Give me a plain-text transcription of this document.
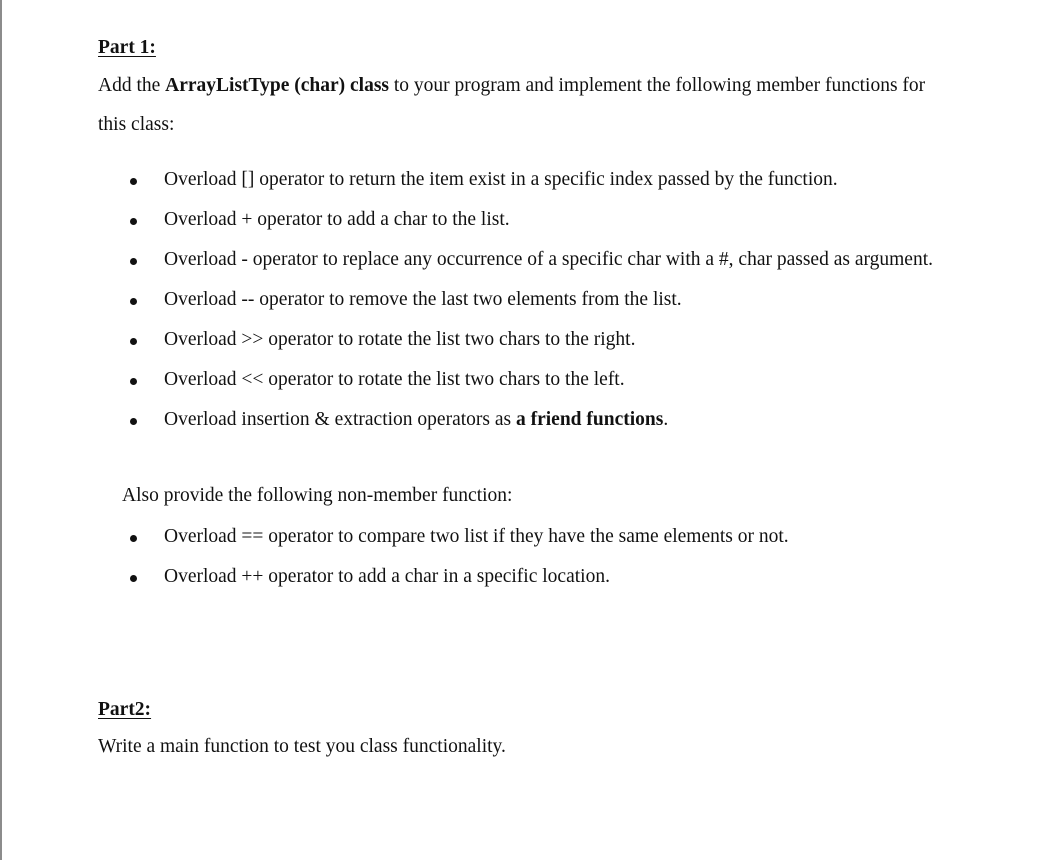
Part 1:
Add the ArrayListType (char) class to your program and implement the following member functions for
this class:
Overload [] operator to return the item exist in a specific index passed by the function.
Overload + operator to add a char to the list.
Overload - operator to replace any occurrence of a specific char with a #, char passed as argument.
Overload -- operator to remove the last two elements from the list.
Overload >> operator to rotate the list two chars to the right.
Overload << operator to rotate the list two chars to the left.
Overload insertion & extraction operators as a friend functions.
Also provide the following non-member function:
Overload == operator to compare two list if they have the same elements or not.
Overload ++ operator to add a char in a specific location.
Part2:
Write a main function to test you class functionality.
